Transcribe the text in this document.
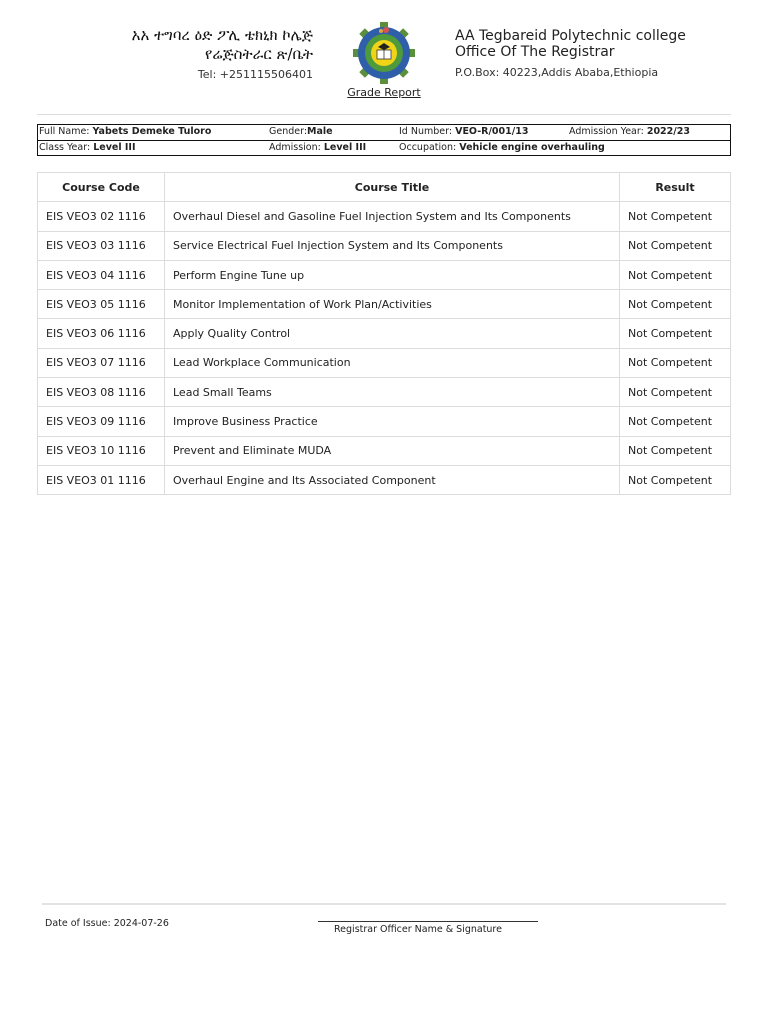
አአ ተግባረ ዕድ ፖሊ ቴክኒክ ኮሌጅ
የሬጅስትራር ጽ/ቤት
Tel: +251115506401
Grade Report
AA Tegbareid Polytechnic college
Office Of The Registrar
P.O.Box: 40223,Addis Ababa,Ethiopia
Full Name: Yabets Demeke Tuloro	Gender:Male	Id Number: VEO-R/001/13	Admission Year: 2022/23
Class Year: Level III	Admission: Level III	Occupation: Vehicle engine overhauling
Course Code	Course Title	Result
EIS VEO3 02 1116	Overhaul Diesel and Gasoline Fuel Injection System and Its Components	Not Competent
EIS VEO3 03 1116	Service Electrical Fuel Injection System and Its Components	Not Competent
EIS VEO3 04 1116	Perform Engine Tune up	Not Competent
EIS VEO3 05 1116	Monitor Implementation of Work Plan/Activities	Not Competent
EIS VEO3 06 1116	Apply Quality Control	Not Competent
EIS VEO3 07 1116	Lead Workplace Communication	Not Competent
EIS VEO3 08 1116	Lead Small Teams	Not Competent
EIS VEO3 09 1116	Improve Business Practice	Not Competent
EIS VEO3 10 1116	Prevent and Eliminate MUDA	Not Competent
EIS VEO3 01 1116	Overhaul Engine and Its Associated Component	Not Competent
Date of Issue: 2024-07-26
Registrar Officer Name & Signature
